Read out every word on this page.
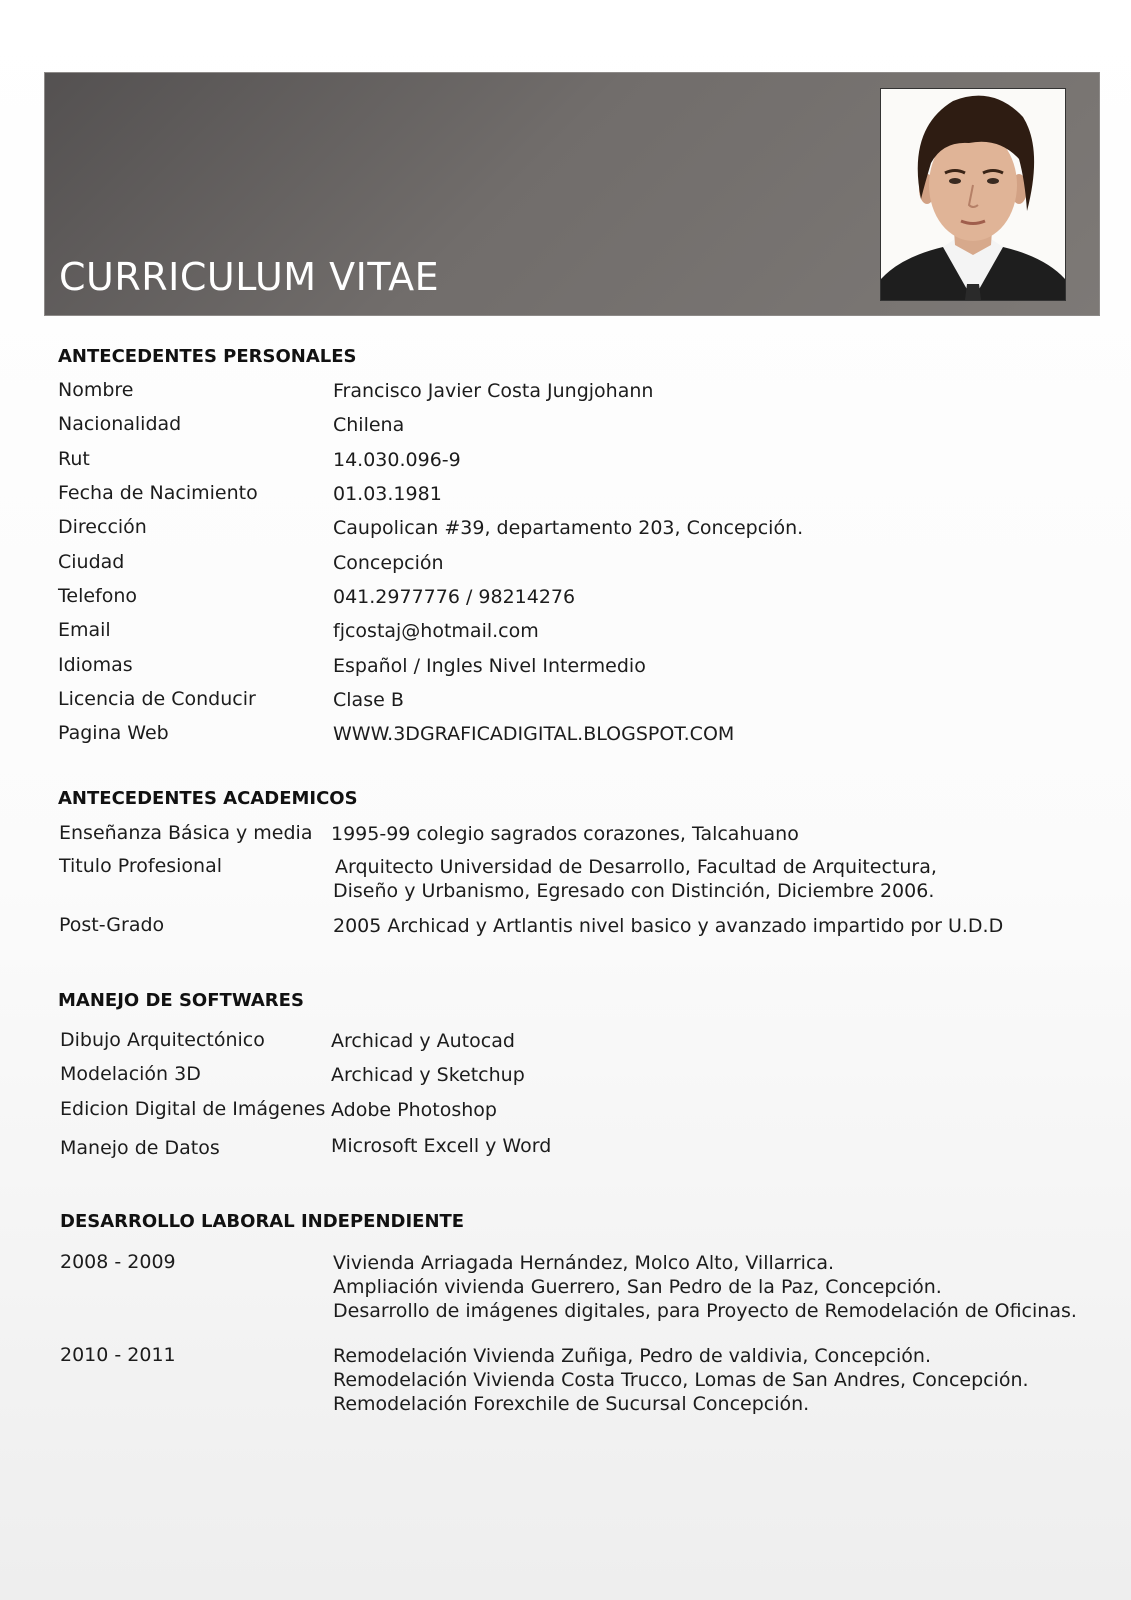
CURRICULUM VITAE
ANTECEDENTES PERSONALES
Nombre	Francisco Javier Costa Jungjohann
Nacionalidad	Chilena
Rut	14.030.096-9
Fecha de Nacimiento	01.03.1981
Dirección	Caupolican #39, departamento 203, Concepción.
Ciudad	Concepción
Telefono	041.2977776 / 98214276
Email	fjcostaj@hotmail.com
Idiomas	Español / Ingles Nivel Intermedio
Licencia de Conducir	Clase B
Pagina Web	WWW.3DGRAFICADIGITAL.BLOGSPOT.COM
ANTECEDENTES ACADEMICOS
Enseñanza Básica y media 1995-99 colegio sagrados corazones, Talcahuano
Titulo Profesional	Arquitecto Universidad de Desarrollo, Facultad de Arquitectura,
Diseño y Urbanismo, Egresado con Distinción, Diciembre 2006.
Post-Grado	2005 Archicad y Artlantis nivel basico y avanzado impartido por U.D.D
MANEJO DE SOFTWARES
Dibujo Arquitectónico	Archicad y Autocad
Modelación 3D	Archicad y Sketchup
Edicion Digital de Imágenes Adobe Photoshop
Manejo de Datos	Microsoft Excell y Word
DESARROLLO LABORAL INDEPENDIENTE
2008 - 2009	Vivienda Arriagada Hernández, Molco Alto, Villarrica.
Ampliación vivienda Guerrero, San Pedro de la Paz, Concepción.
Desarrollo de imágenes digitales, para Proyecto de Remodelación de Oficinas.
2010 - 2011	Remodelación Vivienda Zuñiga, Pedro de valdivia, Concepción.
Remodelación Vivienda Costa Trucco, Lomas de San Andres, Concepción.
Remodelación Forexchile de Sucursal Concepción.
